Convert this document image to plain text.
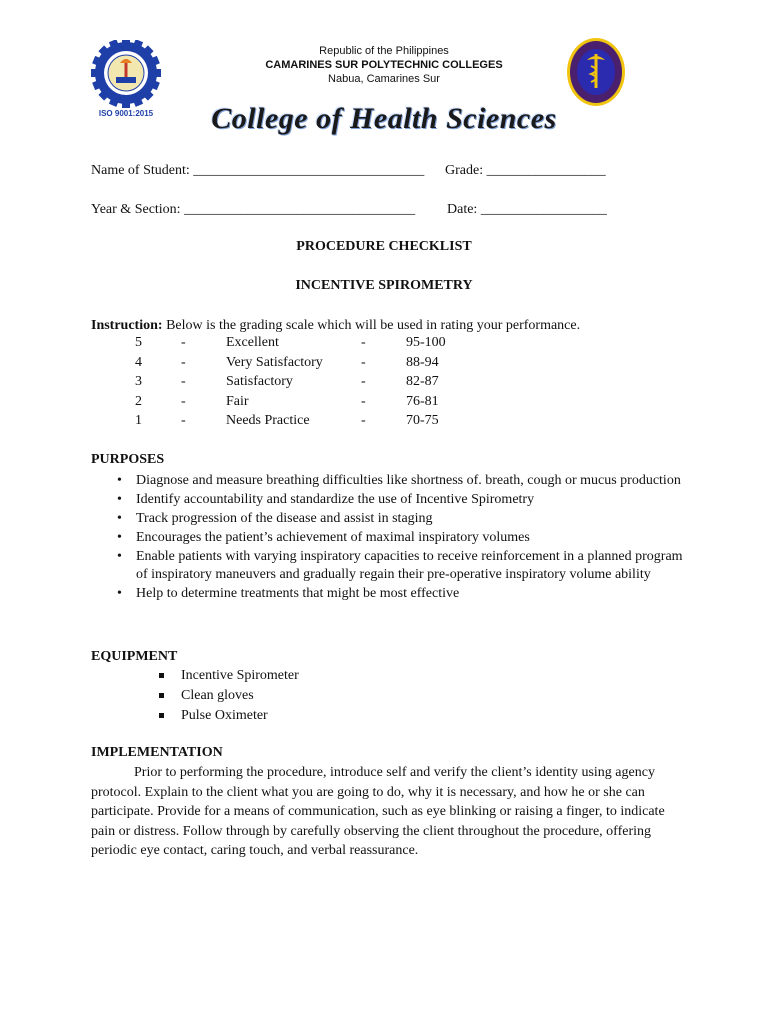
ISO 9001:2015
Republic of the Philippines
CAMARINES SUR POLYTECHNIC COLLEGES
Nabua, Camarines Sur
College of Health Sciences
Name of Student: _________________________________ Grade: _________________
Year & Section: _________________________________ Date: __________________
PROCEDURE CHECKLIST
INCENTIVE SPIROMETRY
Instruction: Below is the grading scale which will be used in rating your performance.
5	-	Excellent	-	95-100
4	-	Very Satisfactory	-	88-94
3	-	Satisfactory	-	82-87
2	-	Fair	-	76-81
1	-	Needs Practice	-	70-75
PURPOSES
• Diagnose and measure breathing difficulties like shortness of. breath, cough or mucus production
• Identify accountability and standardize the use of Incentive Spirometry
• Track progression of the disease and assist in staging
• Encourages the patient’s achievement of maximal inspiratory volumes
• Enable patients with varying inspiratory capacities to receive reinforcement in a planned program of inspiratory maneuvers and gradually regain their pre-operative inspiratory volume ability
• Help to determine treatments that might be most effective
EQUIPMENT
Incentive Spirometer
Clean gloves
Pulse Oximeter
IMPLEMENTATION
Prior to performing the procedure, introduce self and verify the client’s identity using agency protocol. Explain to the client what you are going to do, why it is necessary, and how he or she can participate. Provide for a means of communication, such as eye blinking or raising a finger, to indicate pain or distress. Follow through by carefully observing the client throughout the procedure, offering periodic eye contact, caring touch, and verbal reassurance.
